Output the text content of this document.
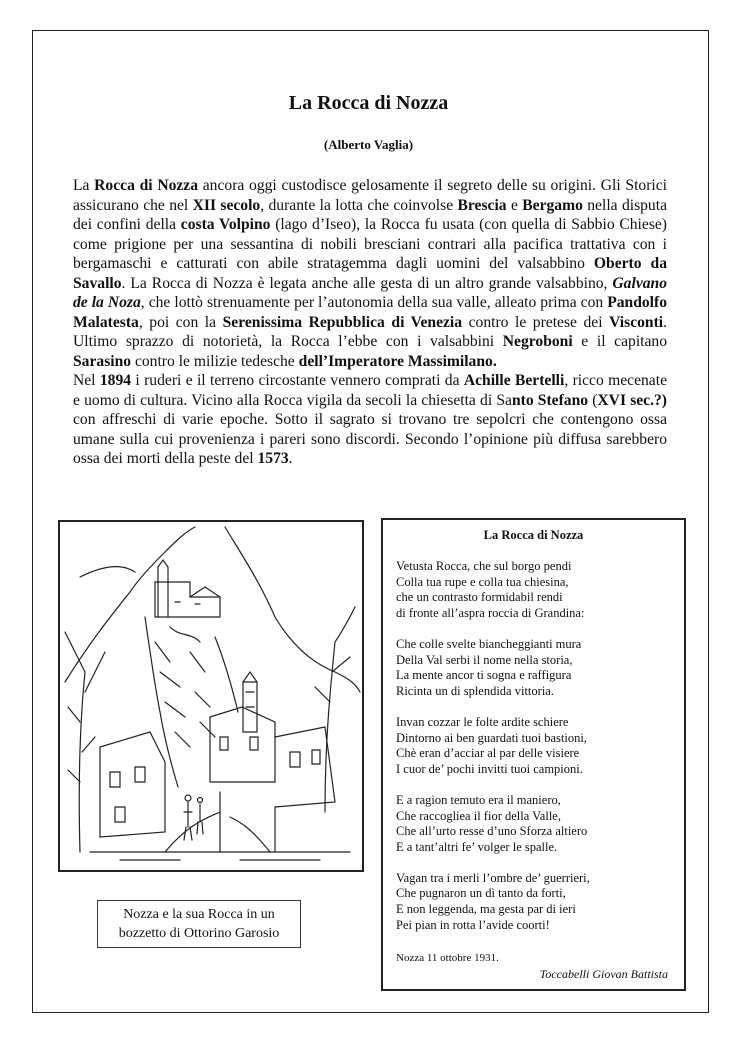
La Rocca di Nozza
(Alberto Vaglia)

La Rocca di Nozza ancora oggi custodisce gelosamente il segreto delle su origini. Gli Storici assicurano che nel XII secolo, durante la lotta che coinvolse Brescia e Bergamo nella disputa dei confini della costa Volpino (lago d’Iseo), la Rocca fu usata (con quella di Sabbio Chiese) come prigione per una sessantina di nobili bresciani contrari alla pacifica trattativa con i bergamaschi e catturati con abile stratagemma dagli uomini del valsabbino Oberto da Savallo. La Rocca di Nozza è legata anche alle gesta di un altro grande valsabbino, Galvano de la Noza, che lottò strenuamente per l’autonomia della sua valle, alleato prima con Pandolfo Malatesta, poi con la Serenissima Repubblica di Venezia contro le pretese dei Visconti. Ultimo sprazzo di notorietà, la Rocca l’ebbe con i valsabbini Negroboni e il capitano Sarasino contro le milizie tedesche dell’Imperatore Massimilano.

Nel 1894 i ruderi e il terreno circostante vennero comprati da Achille Bertelli, ricco mecenate e uomo di cultura. Vicino alla Rocca vigila da secoli la chiesetta di Santo Stefano (XVI sec.?) con affreschi di varie epoche. Sotto il sagrato si trovano tre sepolcri che contengono ossa umane sulla cui provenienza i pareri sono discordi. Secondo l’opinione più diffusa sarebbero ossa dei morti della peste del 1573.

Nozza e la sua Rocca in un
bozzetto di Ottorino Garosio
La Rocca di Nozza
Vetusta Rocca, che sul borgo pendi
Colla tua rupe e colla tua chiesina,
che un contrasto formidabil rendi
di fronte all’aspra roccia di Grandina:
Che colle svelte biancheggianti mura
Della Val serbi il nome nella storia,
La mente ancor ti sogna e raffigura
Ricinta un di splendida vittoria.
Invan cozzar le folte ardite schiere
Dintorno ai ben guardati tuoi bastioni,
Chè eran d’acciar al par delle visiere
I cuor de’ pochi invitti tuoi campioni.
E a ragion temuto era il maniero,
Che raccoglieа il fior della Valle,
Che all’urto resse d’uno Sforza altiero
E a tant’altri fe’ volger le spalle.
Vagan tra i merli l’ombre de’ guerrieri,
Che pugnaron un dì tanto da forti,
E non leggenda, ma gesta par di ieri
Pei pian in rotta l’avide coorti!
Nozza 11 ottobre 1931.
Toccabelli Giovan Battista
